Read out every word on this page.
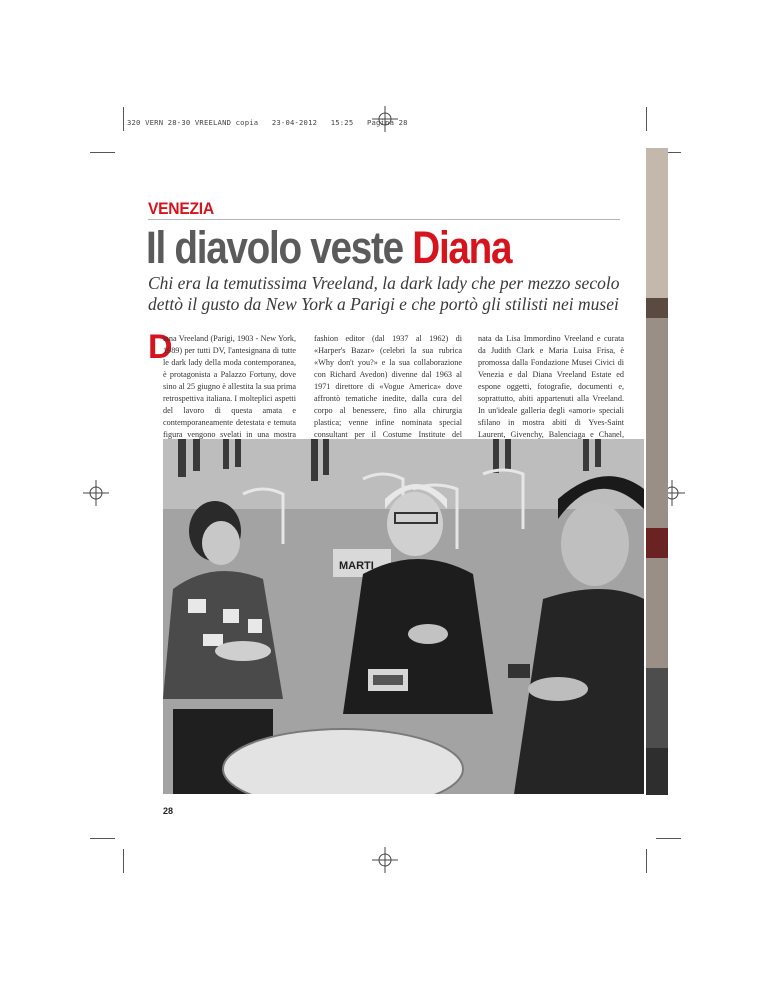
320 VERN 28-30 VREELAND copia   23-04-2012   15:25   Pagina 28
VENEZIA
Il diavolo veste Diana
Chi era la temutissima Vreeland, la dark lady che per mezzo secolo dettò il gusto da New York a Parigi e che portò gli stilisti nei musei
D
iana Vreeland (Parigi, 1903 - New York, 1989) per tutti DV, l'antesignana di tutte le dark lady della moda contemporanea, è protagonista a Palazzo Fortuny, dove sino al 25 giugno è allestita la sua prima retrospettiva italiana. I molteplici aspetti del lavoro di questa amata e contemporaneamente detestata e temuta figura vengono svelati in una mostra
fashion editor (dal 1937 al 1962) di «Harper's Bazar» (celebri la sua rubrica «Why don't you?» e la sua collaborazione con Richard Avedon) divenne dal 1963 al 1971 direttore di «Vogue America» dove affrontò tematiche inedite, dalla cura del corpo al benessere, fino alla chirurgia plastica; venne infine nominata special consultant per il Costume Institute del
nata da Lisa Immordino Vreeland e curata da Judith Clark e Maria Luisa Frisa, è promossa dalla Fondazione Musei Civici di Venezia e dal Diana Vreeland Estate ed espone oggetti, fotografie, documenti e, soprattutto, abiti appartenuti alla Vreeland. In un'ideale galleria degli «amori» speciali sfilano in mostra abiti di Yves-Saint Laurent, Givenchy, Balenciaga e Chanel,
MARTI
28
